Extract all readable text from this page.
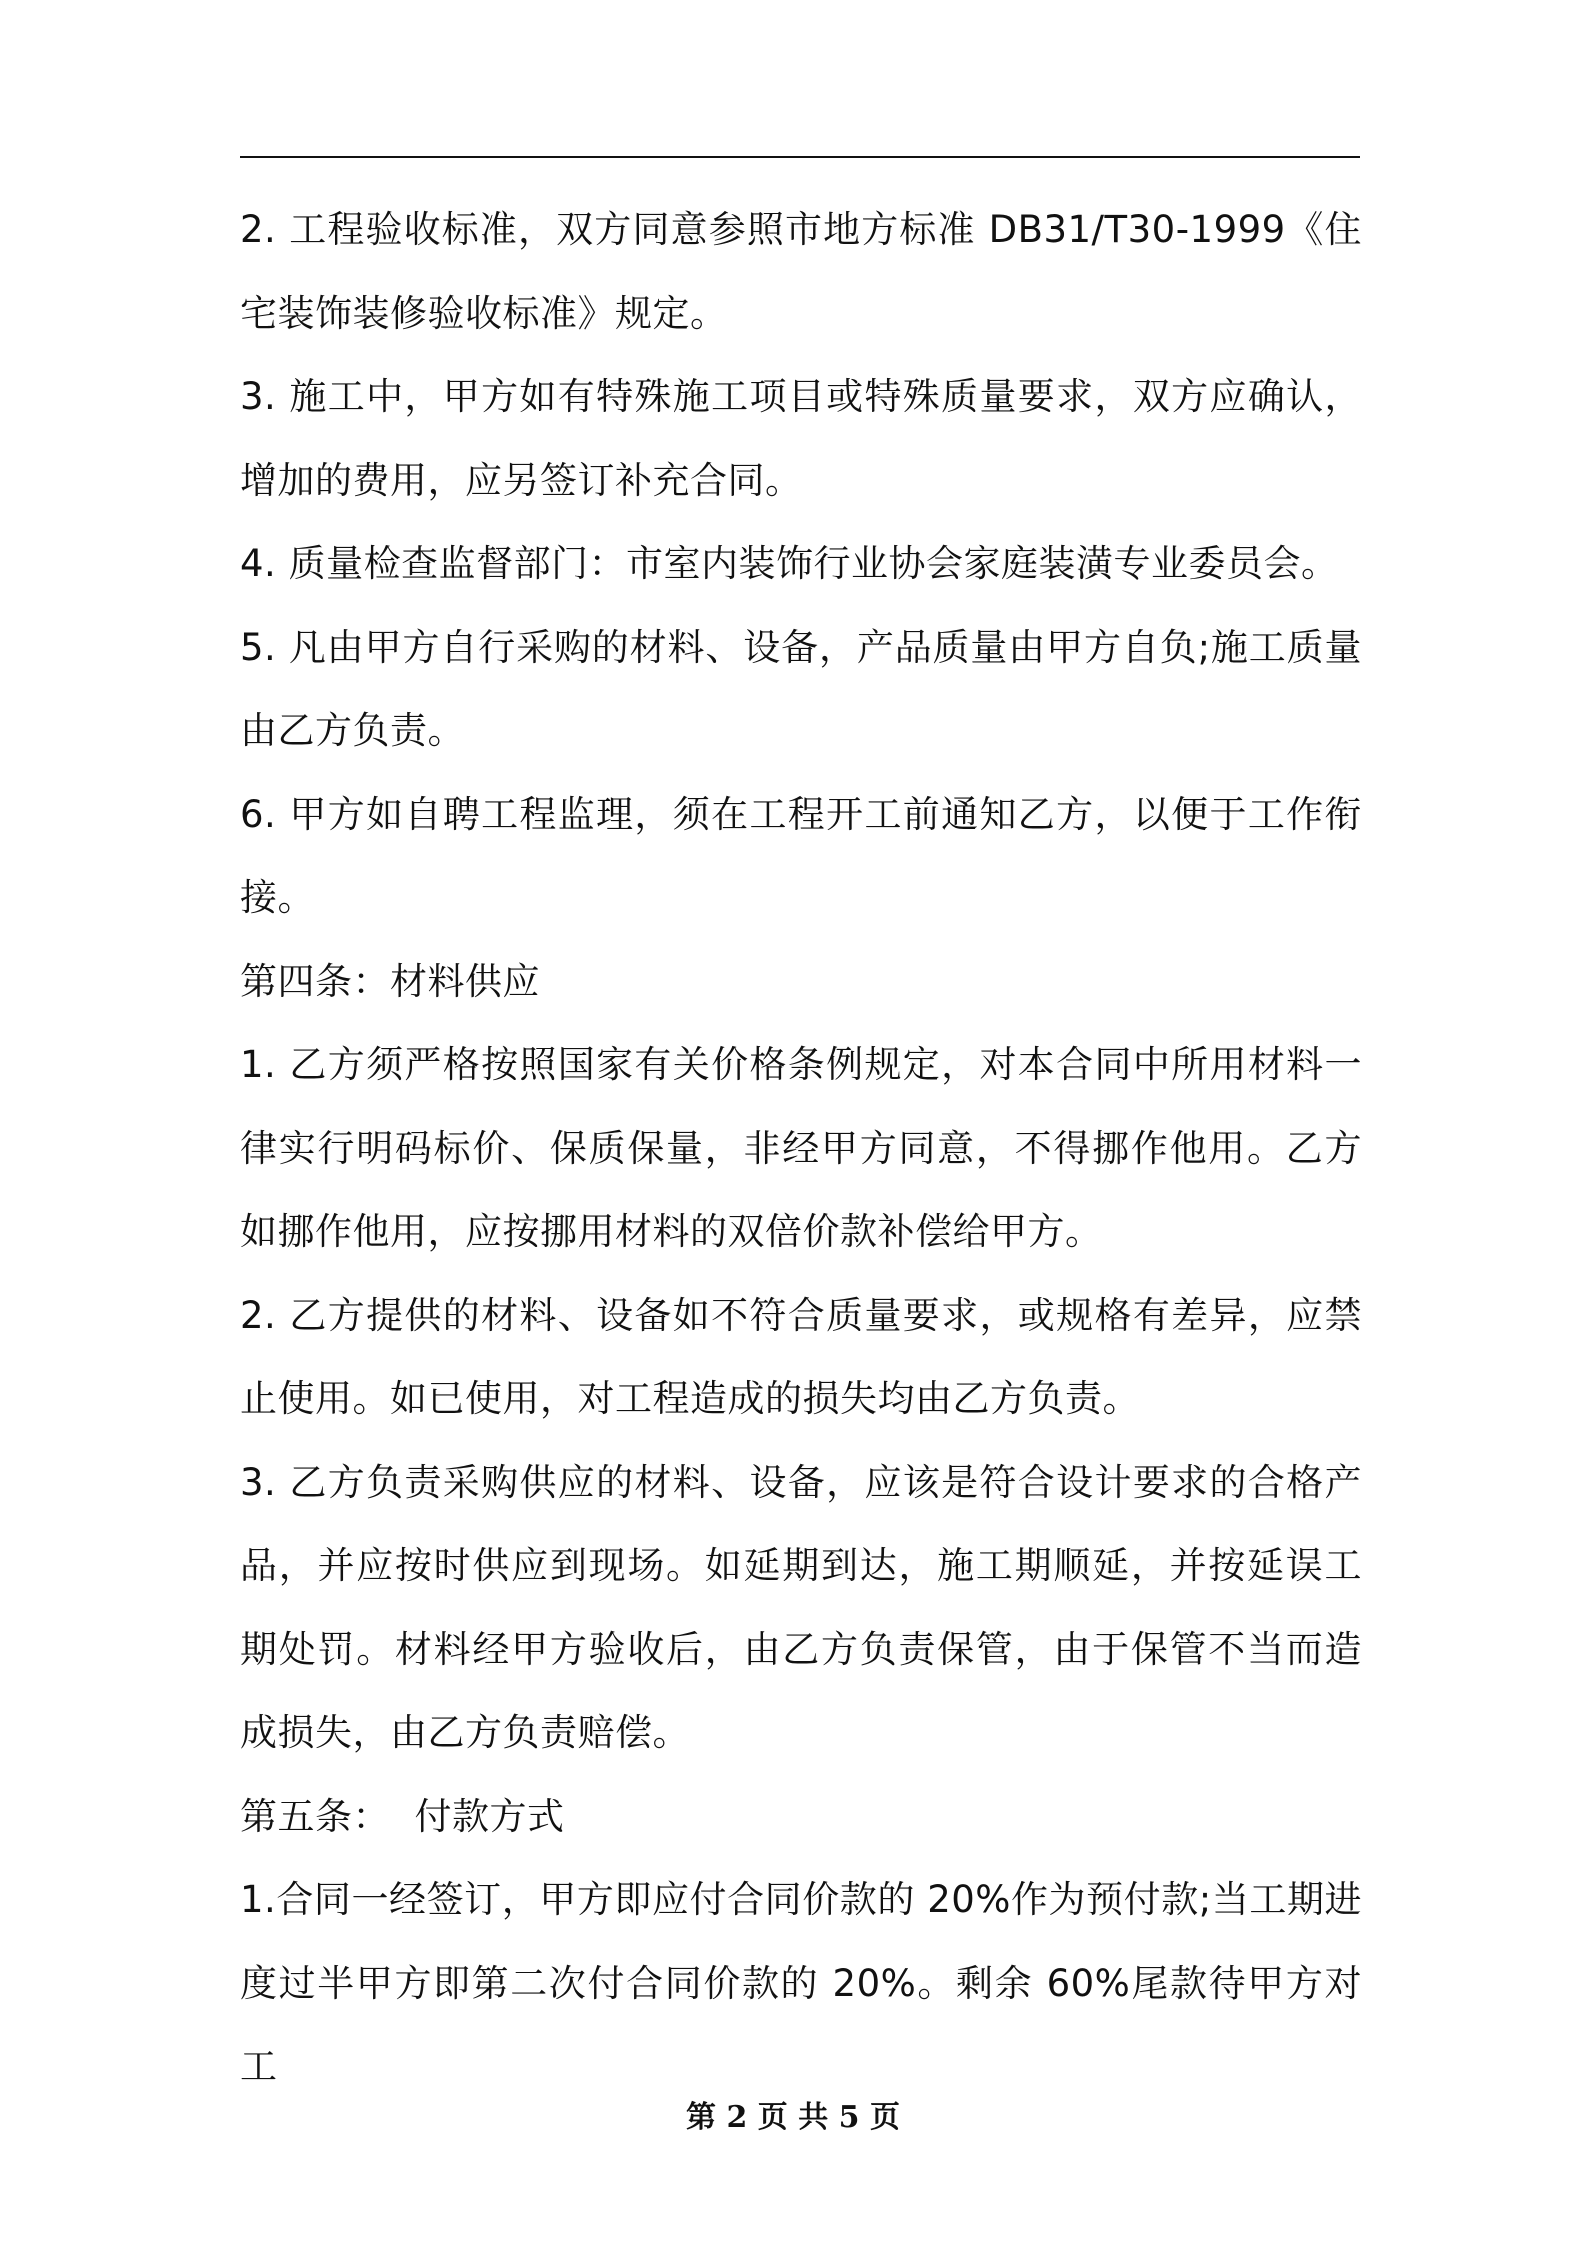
2. 工程验收标准，双方同意参照市地方标准 DB31/T30-1999《住宅装饰装修验收标准》规定。

3. 施工中，甲方如有特殊施工项目或特殊质量要求，双方应确认，增加的费用，应另签订补充合同。

4. 质量检查监督部门：市室内装饰行业协会家庭装潢专业委员会。

5. 凡由甲方自行采购的材料、设备，产品质量由甲方自负;施工质量由乙方负责。

6. 甲方如自聘工程监理，须在工程开工前通知乙方，以便于工作衔接。

第四条：材料供应

1. 乙方须严格按照国家有关价格条例规定，对本合同中所用材料一律实行明码标价、保质保量，非经甲方同意，不得挪作他用。乙方如挪作他用，应按挪用材料的双倍价款补偿给甲方。

2. 乙方提供的材料、设备如不符合质量要求，或规格有差异，应禁止使用。如已使用，对工程造成的损失均由乙方负责。

3. 乙方负责采购供应的材料、设备，应该是符合设计要求的合格产品，并应按时供应到现场。如延期到达，施工期顺延，并按延误工期处罚。材料经甲方验收后，由乙方负责保管，由于保管不当而造成损失，由乙方负责赔偿。

第五条：  付款方式

1.合同一经签订，甲方即应付合同价款的 20%作为预付款;当工期进度过半甲方即第二次付合同价款的 20%。剩余 60%尾款待甲方对工

第 2 页 共 5 页
